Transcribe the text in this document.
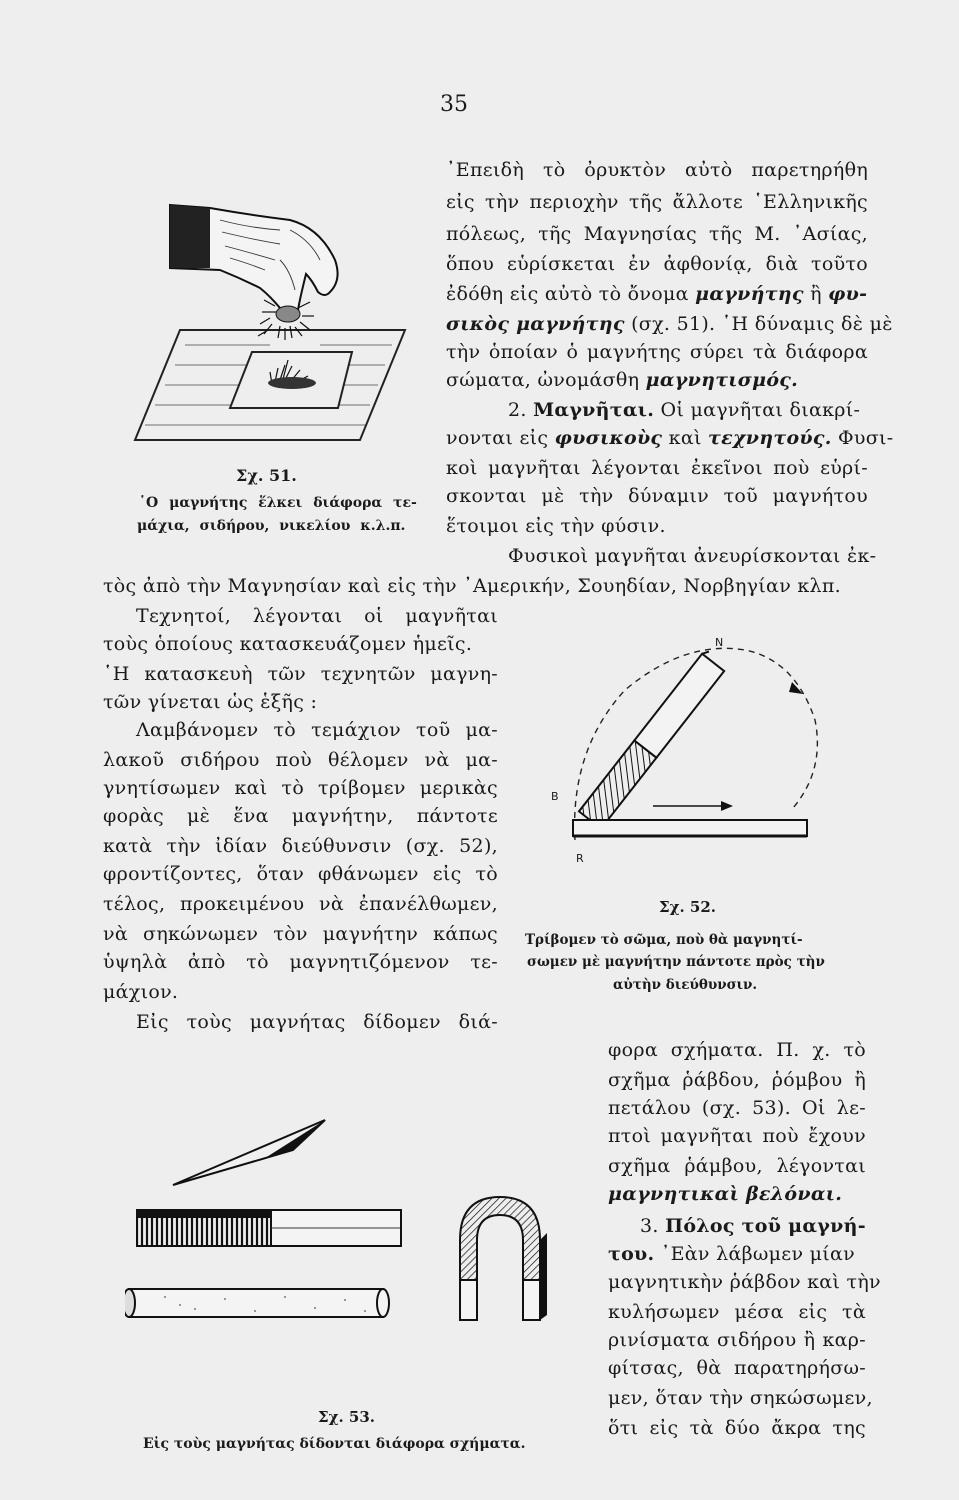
35
᾿Επειδὴ τὸ ὀρυκτὸν αὐτὸ παρετηρήθη
εἰς τὴν περιοχὴν τῆς ἄλλοτε ῾Ελληνικῆς
πόλεως, τῆς Μαγνησίας τῆς Μ. ᾿Ασίας,
ὅπου εὑρίσκεται ἐν ἀφθονίᾳ, διὰ τοῦτο
ἐδόθη εἰς αὐτὸ τὸ ὄνομα μαγνήτης ἢ φυ-
σικὸς μαγνήτης (σχ. 51). ῾Η δύναμις δὲ μὲ
τὴν ὁποίαν ὁ μαγνήτης σύρει τὰ διάφορα
σώματα, ὠνομάσθη μαγνητισμός.
2. Μαγνῆται. Οἱ μαγνῆται διακρί-
νονται εἰς φυσικοὺς καὶ τεχνητούς. Φυσι-
κοὶ μαγνῆται λέγονται ἐκεῖνοι ποὺ εὑρί-
σκονται μὲ τὴν δύναμιν τοῦ μαγνήτου
ἕτοιμοι εἰς τὴν φύσιν.
Φυσικοὶ μαγνῆται ἀνευρίσκονται ἐκ-
τὸς ἀπὸ τὴν Μαγνησίαν καὶ εἰς τὴν ᾿Αμερικήν, Σουηδίαν, Νορβηγίαν κλπ.
Σχ. 51.
῾Ο μαγνήτης ἕλκει διάφορα τε-
μάχια, σιδήρου, νικελίου κ.λ.π.
Τεχνητοί, λέγονται οἱ μαγνῆται
τοὺς ὁποίους κατασκευάζομεν ἡμεῖς.
῾Η κατασκευὴ τῶν τεχνητῶν μαγνη-
τῶν γίνεται ὡς ἑξῆς :
Λαμβάνομεν τὸ τεμάχιον τοῦ μα-
λακοῦ σιδήρου ποὺ θέλομεν νὰ μα-
γνητίσωμεν καὶ τὸ τρίβομεν μερικὰς
φορὰς μὲ ἕνα μαγνήτην, πάντοτε
κατὰ τὴν ἰδίαν διεύθυνσιν (σχ. 52),
φροντίζοντες, ὅταν φθάνωμεν εἰς τὸ
τέλος, προκειμένου νὰ ἐπανέλθωμεν,
νὰ σηκώνωμεν τὸν μαγνήτην κάπως
ὑψηλὰ ἀπὸ τὸ μαγνητιζόμενον τε-
μάχιον.
Εἰς τοὺς μαγνήτας δίδομεν διά-
N
B
R
Σχ. 52.
Τρίβομεν τὸ σῶμα, ποὺ θὰ μαγνητί-
σωμεν μὲ μαγνήτην πάντοτε πρὸς τὴν
αὐτὴν διεύθυνσιν.
φορα σχήματα. Π. χ. τὸ
σχῆμα ῥάβδου, ῥόμβου ἢ
πετάλου (σχ. 53). Οἱ λε-
πτοὶ μαγνῆται ποὺ ἔχουν
σχῆμα ῥάμβου, λέγονται
μαγνητικαὶ βελόναι.
3. Πόλος τοῦ μαγνή-
του. ᾿Εὰν λάβωμεν μίαν
μαγνητικὴν ῥάβδον καὶ τὴν
κυλήσωμεν μέσα εἰς τὰ
ρινίσματα σιδήρου ἢ καρ-
φίτσας, θὰ παρατηρήσω-
μεν, ὅταν τὴν σηκώσωμεν,
ὅτι εἰς τὰ δύο ἄκρα της
Σχ. 53.
Εἰς τοὺς μαγνήτας δίδονται διάφορα σχήματα.
